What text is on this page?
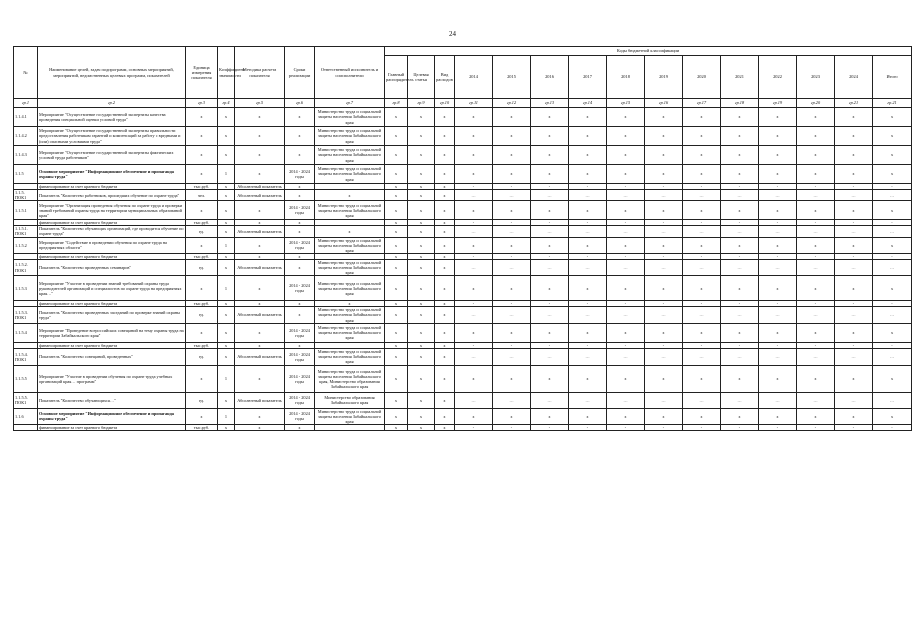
24
№	Наименование целей, задач подпрограмм, основных мероприятий, мероприятий, ведомственных целевых программ, показателей	Единица измерения показателя	Коэффициент значимости	Методика расчета показателя	Сроки реализации	Ответственный исполнитель и соисполнители	Коды бюджетной классификации														
							Главный распорядитель	Целевая статья	Вид расходов	2014	2015	2016	2017	2018	2019	2020	2021	2022	2023	2024	Итого
гр.1	гр.2	гр.3	гр.4	гр.5	гр.6	гр.7	гр.8	гр.9	гр.10	гр.11	гр.12	гр.13	гр.14	гр.15	гр.16	гр.17	гр.18	гр.19	гр.20	гр.21	гр.21
1.1.4.1	Мероприятие "Осуществление государственной экспертизы качества проведения специальной оценки условий труда"	х	х	х	х	Министерство труда и социальной защиты населения Забайкальского края	х	х	х	х	х	х	х	х	х	х	х	х	х	х	х
1.1.4.2	Мероприятие "Осуществление государственной экспертизы правильности предоставления работникам гарантий и компенсаций за работу с вредными и (или) опасными условиями труда"	х	х	х	х	Министерство труда и социальной защиты населения Забайкальского края	х	х	х	х	х	х	х	х	х	х	х	х	х	х	х
1.1.4.3	Мероприятие "Осуществление государственной экспертизы фактических условий труда работников"	х	х	х	х	Министерство труда и социальной защиты населения Забайкальского края	х	х	х	х	х	х	х	х	х	х	х	х	х	х	х
1.1.5	Основное мероприятие "Информационное обеспечение и пропаганда охраны труда"	х	1	х	2014 - 2024 годы	Министерство труда и социальной защиты населения Забайкальского края	х	х	х	х	х	х	х	х	х	х	х	х	х	х	х
	финансирование за счет краевого бюджета	тыс.руб.	х	Абсолютный показатель	х		х	х	х	-	-	-	-	-	-	-	-	-	-	-	-
1.1.5. ПОК1	Показатель "Количество работников, прошедших обучение по охране труда"	чел.	х	Абсолютный показатель	х	х	х	х	х	…	…	…	…	…	…	…	…	…	…	…	…
1.1.5.1	Мероприятие "Организация проведения обучения по охране труда и проверки знаний требований охраны труда на территории муниципальных образований края"	х	х	х	2014 - 2024 годы	Министерство труда и социальной защиты населения Забайкальского края	х	х	х	х	х	х	х	х	х	х	х	х	х	х	х
	финансирование за счет краевого бюджета	тыс.руб.	х	х	х		х	х	х	-	-	-	-	-	-	-	-	-	-	-	-
1.1.5.1. ПОК1	Показатель "Количество обучающих организаций, где проводится обучение по охране труда"	ед.	х	Абсолютный показатель	х	х	х	х	х	…	…	…	…	…	…	…	…	…	…	…	…
1.1.5.2	Мероприятие "Содействие в проведении обучения по охране труда на предприятиях области"	х	1	х	2014 - 2024 годы	Министерство труда и социальной защиты населения Забайкальского края	х	х	х	х	х	х	х	х	х	х	х	х	х	х	х
	финансирование за счет краевого бюджета	тыс.руб.	х	х	х		х	х	х	-	-	-	-	-	-	-	-	-	-	-	-
1.1.5.2. ПОК1	Показатель "Количество проведенных семинаров"	ед.	х	Абсолютный показатель	х	Министерство труда и социальной защиты населения Забайкальского края	х	х	х	…	…	…	…	…	…	…	…	…	…	…	…
1.1.5.3	Мероприятие "Участие в проведении знаний требований охраны труда руководителей организаций и специалистов по охране труда на предприятиях края…"	х	1	х	2014 - 2024 годы	Министерство труда и социальной защиты населения Забайкальского края	х	х	х	х	х	х	х	х	х	х	х	х	х	х	х
	финансирование за счет краевого бюджета	тыс.руб.	х	х	х	х	х	х	х	-	-	-	-	-	-	-	-	-	-	-	-
1.1.5.3. ПОК1	Показатель "Количество проведенных заседаний по проверке знаний охраны труда"	ед.	х	Абсолютный показатель	х	Министерство труда и социальной защиты населения Забайкальского края	х	х	х	…	…	…	…	…	…	…	…	…	…	…	…
1.1.5.4	Мероприятие "Проведение всероссийских совещаний на тему охраны труда на территории Забайкальского края"	х	х	х	2014 - 2024 годы	Министерство труда и социальной защиты населения Забайкальского края	х	х	х	х	х	х	х	х	х	х	х	х	х	х	х
	финансирование за счет краевого бюджета	тыс.руб.	х	х	х		х	х	х	-	-	-	-	-	-	-	-	-	-	-	-
1.1.5.4. ПОК1	Показатель "Количество совещаний, проведенных"	ед.	х	Абсолютный показатель	2014 - 2024 годы	Министерство труда и социальной защиты населения Забайкальского края	х	х	х	…	…	…	…	…	…	…	…	…	…	…	…
1.1.5.5	Мероприятие "Участие в проведении обучения по охране труда учебных организаций края… программ"	х	1	х	2014 - 2024 годы	Министерство труда и социальной защиты населения Забайкальского края, Министерство образования Забайкальского края	х	х	х	х	х	х	х	х	х	х	х	х	х	х	х
1.1.5.5. ПОК1	Показатель "Количество обучающихся…"	ед.	х	Абсолютный показатель	2014 - 2024 годы	Министерство образования Забайкальского края	х	х	х	…	…	…	…	…	…	…	…	…	…	…	…
1.1.6	Основное мероприятие "Информационное обеспечение и пропаганда охраны труда"	х	1	х	2014 - 2024 годы	Министерство труда и социальной защиты населения Забайкальского края	х	х	х	х	х	х	х	х	х	х	х	х	х	х	х
	финансирование за счет краевого бюджета	тыс.руб.	х	х	х		х	х	х	-	-	-	-	-	-	-	-	-	-	-	-
